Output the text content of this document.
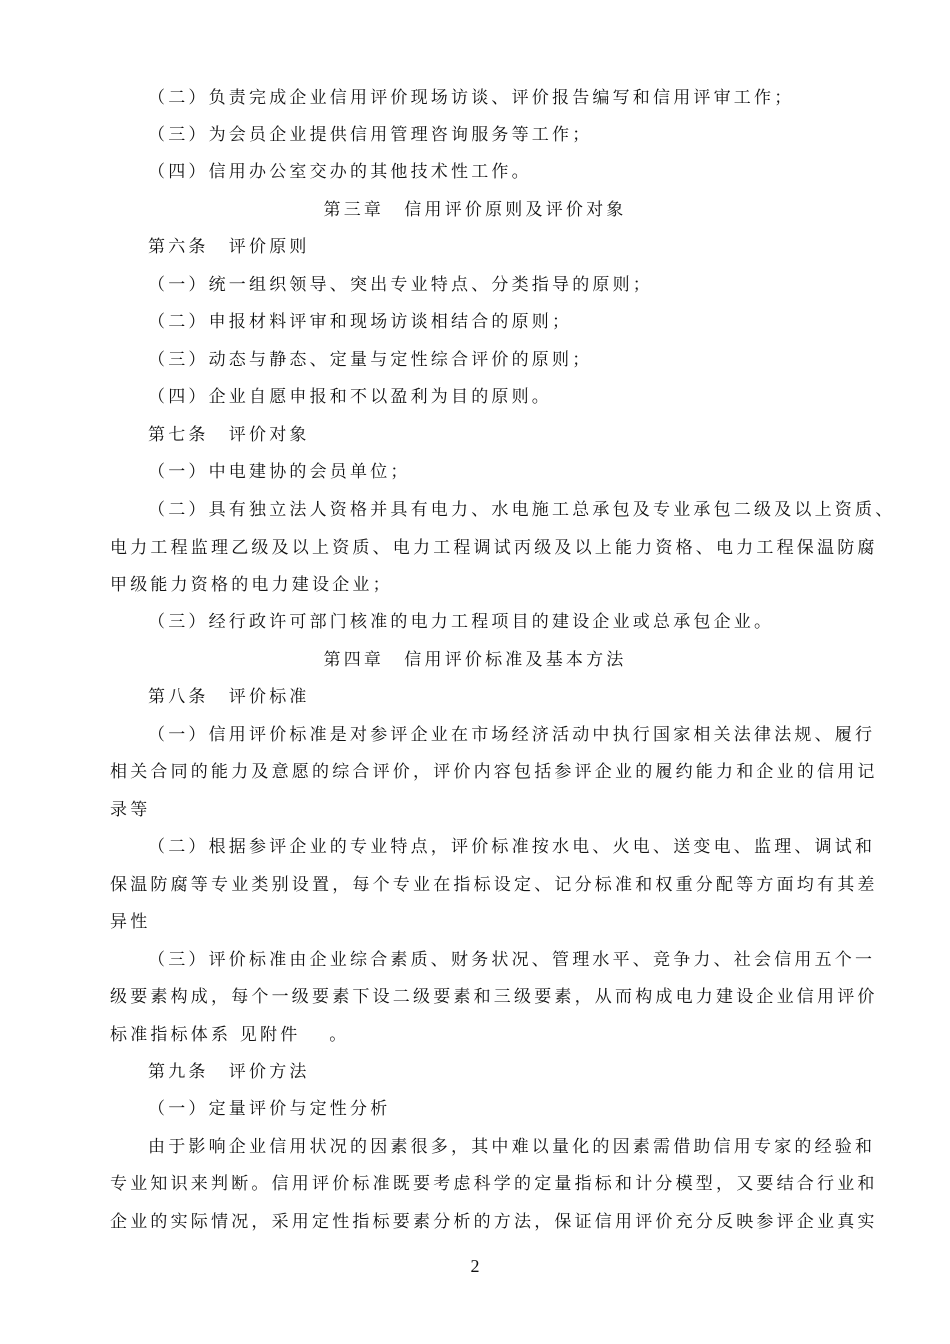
（二）负责完成企业信用评价现场访谈、评价报告编写和信用评审工作；
（三）为会员企业提供信用管理咨询服务等工作；
（四）信用办公室交办的其他技术性工作。
第三章　信用评价原则及评价对象
第六条　评价原则
（一）统一组织领导、突出专业特点、分类指导的原则；
（二）申报材料评审和现场访谈相结合的原则；
（三）动态与静态、定量与定性综合评价的原则；
（四）企业自愿申报和不以盈利为目的原则。
第七条　评价对象
（一）中电建协的会员单位；
（二）具有独立法人资格并具有电力、水电施工总承包及专业承包二级及以上资质、
电力工程监理乙级及以上资质、电力工程调试丙级及以上能力资格、电力工程保温防腐
甲级能力资格的电力建设企业；
（三）经行政许可部门核准的电力工程项目的建设企业或总承包企业。
第四章　信用评价标准及基本方法
第八条　评价标准
（一）信用评价标准是对参评企业在市场经济活动中执行国家相关法律法规、履行
相关合同的能力及意愿的综合评价，评价内容包括参评企业的履约能力和企业的信用记
录等
（二）根据参评企业的专业特点，评价标准按水电、火电、送变电、监理、调试和
保温防腐等专业类别设置，每个专业在指标设定、记分标准和权重分配等方面均有其差
异性
（三）评价标准由企业综合素质、财务状况、管理水平、竞争力、社会信用五个一
级要素构成，每个一级要素下设二级要素和三级要素，从而构成电力建设企业信用评价
标准指标体系 见附件　 。
第九条　评价方法
（一）定量评价与定性分析
由于影响企业信用状况的因素很多，其中难以量化的因素需借助信用专家的经验和
专业知识来判断。信用评价标准既要考虑科学的定量指标和计分模型，又要结合行业和
企业的实际情况，采用定性指标要素分析的方法，保证信用评价充分反映参评企业真实
2
